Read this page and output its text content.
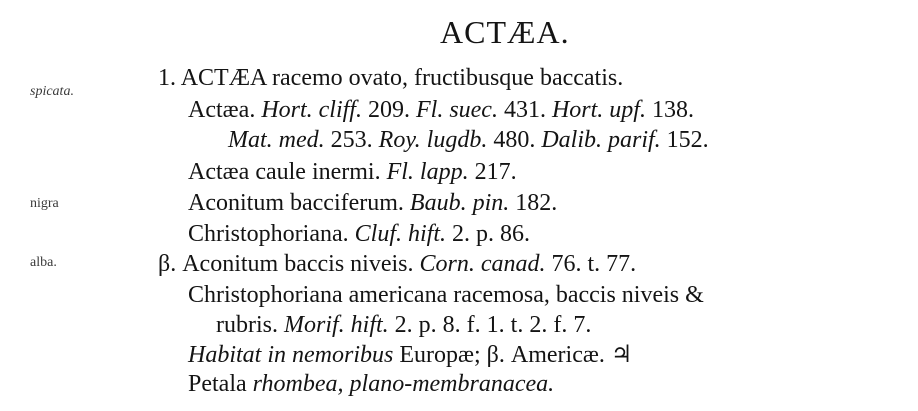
ACTÆA.
spicata.
nigra
alba.
1. ACTÆA racemo ovato, fructibusque baccatis.
Actæa. Hort. cliff. 209. Fl. suec. 431. Hort. upf. 138.
Mat. med. 253. Roy. lugdb. 480. Dalib. parif. 152.
Actæa caule inermi. Fl. lapp. 217.
Aconitum bacciferum. Baub. pin. 182.
Christophoriana. Cluf. hift. 2. p. 86.
β. Aconitum baccis niveis. Corn. canad. 76. t. 77.
Christophoriana americana racemosa, baccis niveis &
rubris. Morif. hift. 2. p. 8. f. 1. t. 2. f. 7.
Habitat in nemoribus Europæ; β. Americæ. ♃
Petala rhombea, plano-membranacea.
